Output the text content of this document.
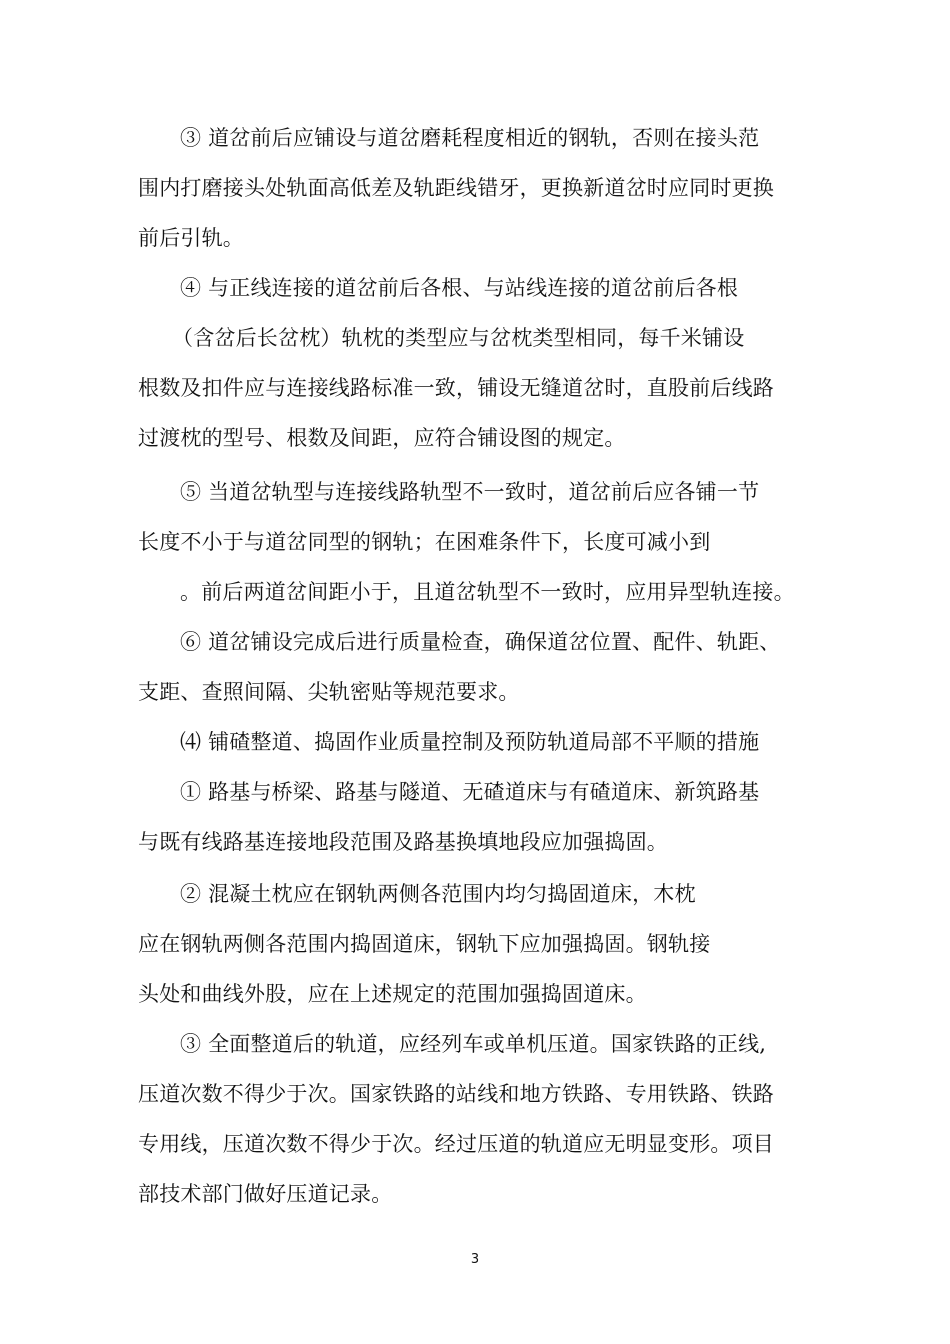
③ 道岔前后应铺设与道岔磨耗程度相近的钢轨，否则在接头范
围内打磨接头处轨面高低差及轨距线错牙，更换新道岔时应同时更换
前后引轨。
④ 与正线连接的道岔前后各根、与站线连接的道岔前后各根
（含岔后长岔枕）轨枕的类型应与岔枕类型相同，每千米铺设
根数及扣件应与连接线路标准一致，铺设无缝道岔时，直股前后线路
过渡枕的型号、根数及间距，应符合铺设图的规定。
⑤ 当道岔轨型与连接线路轨型不一致时，道岔前后应各铺一节
长度不小于与道岔同型的钢轨；在困难条件下，长度可减小到
。前后两道岔间距小于，且道岔轨型不一致时，应用异型轨连接。
⑥ 道岔铺设完成后进行质量检查，确保道岔位置、配件、轨距、
支距、查照间隔、尖轨密贴等规范要求。
⑷ 铺碴整道、捣固作业质量控制及预防轨道局部不平顺的措施
① 路基与桥梁、路基与隧道、无碴道床与有碴道床、新筑路基
与既有线路基连接地段范围及路基换填地段应加强捣固。
② 混凝土枕应在钢轨两侧各范围内均匀捣固道床，木枕
应在钢轨两侧各范围内捣固道床，钢轨下应加强捣固。钢轨接
头处和曲线外股，应在上述规定的范围加强捣固道床。
③ 全面整道后的轨道，应经列车或单机压道。国家铁路的正线,
压道次数不得少于次。国家铁路的站线和地方铁路、专用铁路、铁路
专用线，压道次数不得少于次。经过压道的轨道应无明显变形。项目
部技术部门做好压道记录。
3
